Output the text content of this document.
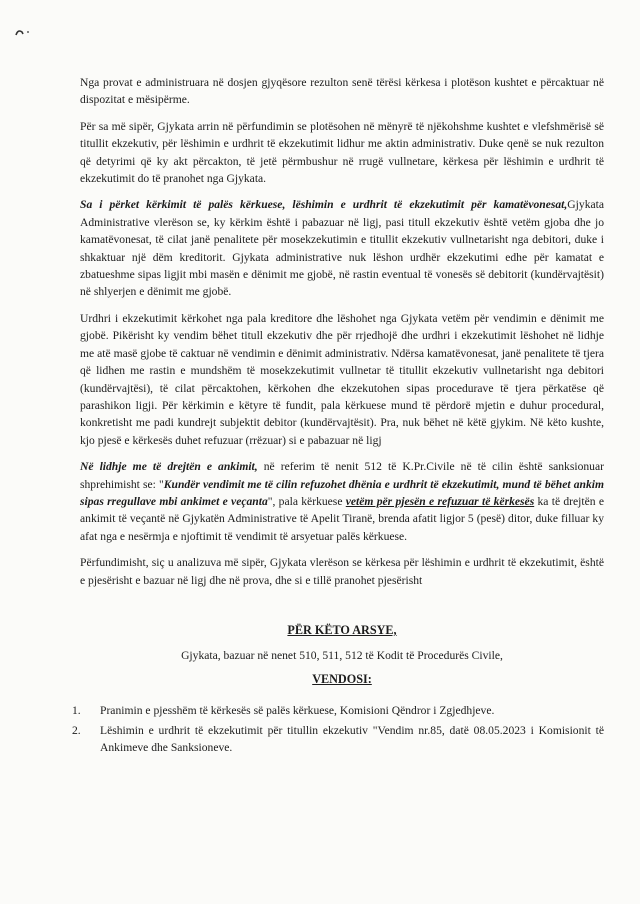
Nga provat e administruara në dosjen gjyqësore rezulton senë tërësi kërkesa i plotëson kushtet e përcaktuar në dispozitat e mësipërme.

Për sa më sipër, Gjykata arrin në përfundimin se plotësohen në mënyrë të njëkohshme kushtet e vlefshmërisë së titullit ekzekutiv, për lëshimin e urdhrit të ekzekutimit lidhur me aktin administrativ. Duke qenë se nuk rezulton që detyrimi që ky akt përcakton, të jetë përmbushur në rrugë vullnetare, kërkesa për lëshimin e urdhrit të ekzekutimit do të pranohet nga Gjykata.

Sa i përket kërkimit të palës kërkuese, lëshimin e urdhrit të ekzekutimit për kamatëvonesat,Gjykata Administrative vlerëson se, ky kërkim është i pabazuar në ligj, pasi titull ekzekutiv është vetëm gjoba dhe jo kamatëvonesat, të cilat janë penalitete për mosekzekutimin e titullit ekzekutiv vullnetarisht nga debitori, duke i shkaktuar një dëm kreditorit. Gjykata administrative nuk lëshon urdhër ekzekutimi edhe për kamatat e zbatueshme sipas ligjit mbi masën e dënimit me gjobë, në rastin eventual të vonesës së debitorit (kundërvajtësit) në shlyerjen e dënimit me gjobë.

Urdhri i ekzekutimit kërkohet nga pala kreditore dhe lëshohet nga Gjykata vetëm për vendimin e dënimit me gjobë. Pikërisht ky vendim bëhet titull ekzekutiv dhe për rrjedhojë dhe urdhri i ekzekutimit lëshohet në lidhje me atë masë gjobe të caktuar në vendimin e dënimit administrativ. Ndërsa kamatëvonesat, janë penalitete të tjera që lidhen me rastin e mundshëm të mosekzekutimit vullnetar të titullit ekzekutiv vullnetarisht nga debitori (kundërvajtësi), të cilat përcaktohen, kërkohen dhe ekzekutohen sipas procedurave të tjera përkatëse që parashikon ligji. Për kërkimin e këtyre të fundit, pala kërkuese mund të përdorë mjetin e duhur procedural, konkretisht me padi kundrejt subjektit debitor (kundërvajtësit). Pra, nuk bëhet në këtë gjykim. Në këto kushte, kjo pjesë e kërkesës duhet refuzuar (rrëzuar) si e pabazuar në ligj

Në lidhje me të drejtën e ankimit, në referim të nenit 512 të K.Pr.Civile në të cilin është sanksionuar shprehimisht se: "Kundër vendimit me të cilin refuzohet dhënia e urdhrit të ekzekutimit, mund të bëhet ankim sipas rregullave mbi ankimet e veçanta", pala kërkuese vetëm për pjesën e refuzuar të kërkesës ka të drejtën e ankimit të veçantë në Gjykatën Administrative të Apelit Tiranë, brenda afatit ligjor 5 (pesë) ditor, duke filluar ky afat nga e nesërmja e njoftimit të vendimit të arsyetuar palës kërkuese.

Përfundimisht, siç u analizuva më sipër, Gjykata vlerëson se kërkesa për lëshimin e urdhrit të ekzekutimit, është e pjesërisht e bazuar në ligj dhe në prova, dhe si e tillë pranohet pjesërisht

PËR KËTO ARSYE,

Gjykata, bazuar në nenet 510, 511, 512 të Kodit të Procedurës Civile,

VENDOSI:

1. Pranimin e pjesshëm të kërkesës së palës kërkuese, Komisioni Qëndror i Zgjedhjeve.
2. Lëshimin e urdhrit të ekzekutimit për titullin ekzekutiv "Vendim nr.85, datë 08.05.2023 i Komisionit të Ankimeve dhe Sanksioneve.
